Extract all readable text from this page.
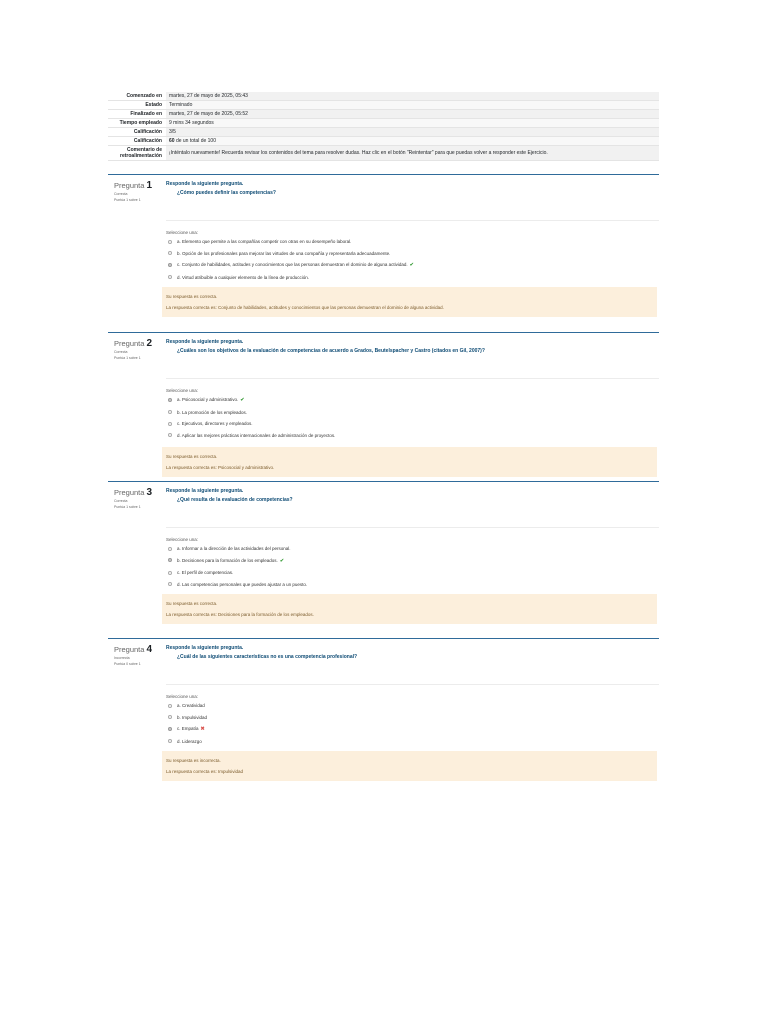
Comenzado en	martes, 27 de mayo de 2025, 05:43
Estado	Terminado
Finalizado en	martes, 27 de mayo de 2025, 05:52
Tiempo empleado	9 mins 34 segundos
Calificación	3/5
Calificación	60 de un total de 100
Comentario de retroalimentación	¡Inténtalo nuevamente! Recuerda revisar los contenidos del tema para resolver dudas. Haz clic en el botón "Reintentar" para que puedas volver a responder este Ejercicio.
Pregunta 1
Correcta
Puntúa 1 sobre 1
Responde la siguiente pregunta.
¿Cómo puedes definir las competencias?
Seleccione una:
a. Elemento que permite a las compañías competir con otras en su desempeño laboral.
b. Opción de los profesionales para mejorar las virtudes de una compañía y representarla adecuadamente.
c. Conjunto de habilidades, actitudes y conocimientos que las personas demuestran el dominio de alguna actividad. ✔
d. Virtud atribuible a cualquier elemento de la línea de producción.
Su respuesta es correcta.
La respuesta correcta es: Conjunto de habilidades, actitudes y conocimientos que las personas demuestran el dominio de alguna actividad.
Pregunta 2
Correcta
Puntúa 1 sobre 1
Responde la siguiente pregunta.
¿Cuáles son los objetivos de la evaluación de competencias de acuerdo a Grados, Beutelspacher y Castro (citados en Gil, 2007)?
Seleccione una:
a. Psicosocial y administrativo. ✔
b. La promoción de los empleados.
c. Ejecutivos, directores y empleados.
d. Aplicar las mejores prácticas internacionales de administración de proyectos.
Su respuesta es correcta.
La respuesta correcta es: Psicosocial y administrativo.
Pregunta 3
Correcta
Puntúa 1 sobre 1
Responde la siguiente pregunta.
¿Qué resulta de la evaluación de competencias?
Seleccione una:
a. Informar a la dirección de las actividades del personal.
b. Decisiones para la formación de los empleados. ✔
c. El perfil de competencias.
d. Las competencias personales que puedes ajustar a un puesto.
Su respuesta es correcta.
La respuesta correcta es: Decisiones para la formación de los empleados.
Pregunta 4
Incorrecta
Puntúa 0 sobre 1
Responde la siguiente pregunta.
¿Cuál de las siguientes características no es una competencia profesional?
Seleccione una:
a. Creatividad
b. Impulsividad
c. Empatía ✖
d. Liderazgo
Su respuesta es incorrecta.
La respuesta correcta es: Impulsividad
